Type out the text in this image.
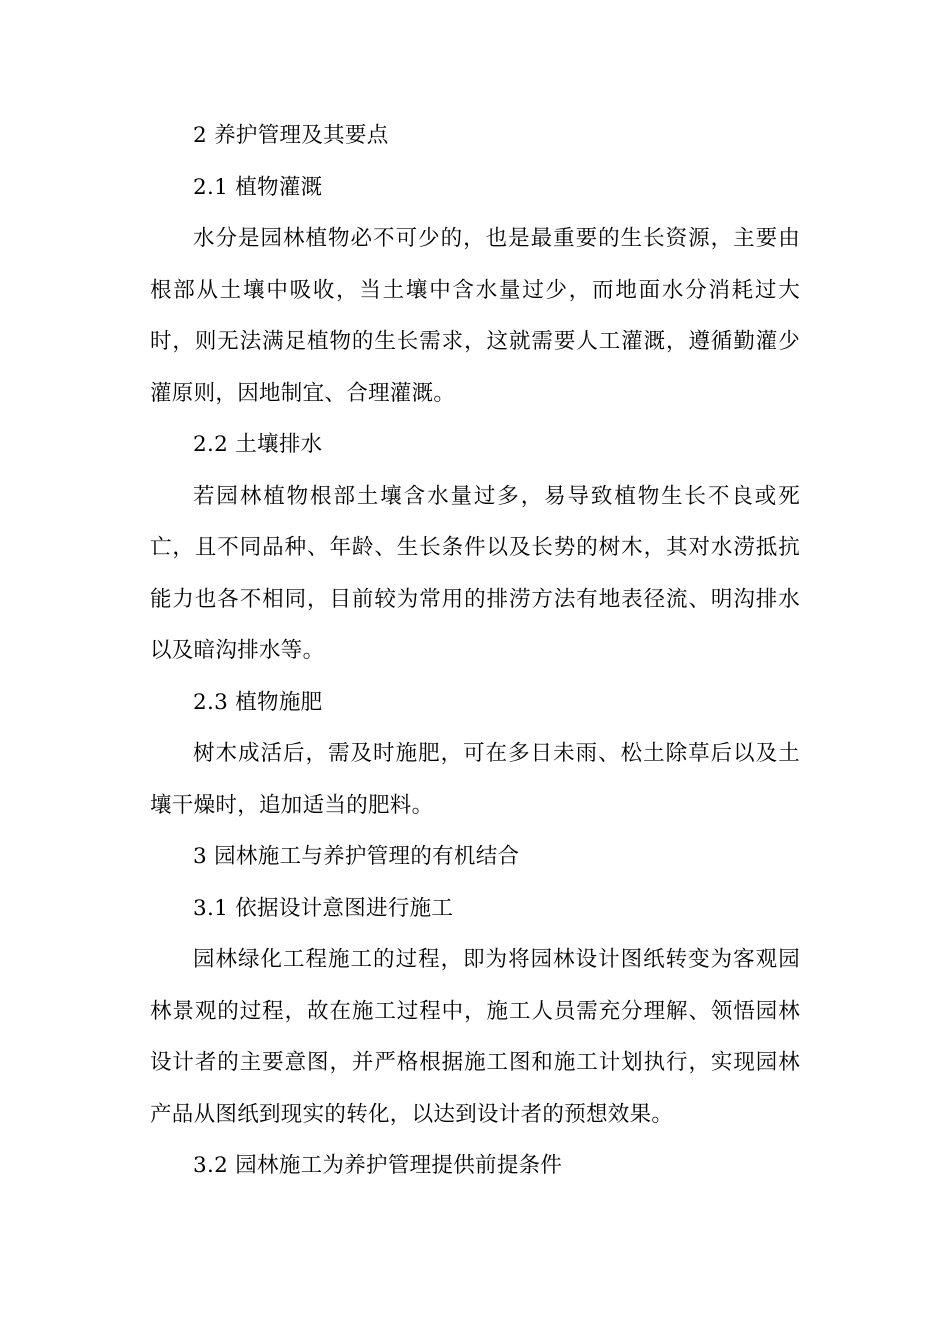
2 养护管理及其要点

2.1 植物灌溉

水分是园林植物必不可少的，也是最重要的生长资源，主要由根部从土壤中吸收，当土壤中含水量过少，而地面水分消耗过大时，则无法满足植物的生长需求，这就需要人工灌溉，遵循勤灌少灌原则，因地制宜、合理灌溉。

2.2 土壤排水

若园林植物根部土壤含水量过多，易导致植物生长不良或死亡，且不同品种、年龄、生长条件以及长势的树木，其对水涝抵抗能力也各不相同，目前较为常用的排涝方法有地表径流、明沟排水以及暗沟排水等。

2.3 植物施肥

树木成活后，需及时施肥，可在多日未雨、松土除草后以及土壤干燥时，追加适当的肥料。

3 园林施工与养护管理的有机结合

3.1 依据设计意图进行施工

园林绿化工程施工的过程，即为将园林设计图纸转变为客观园林景观的过程，故在施工过程中，施工人员需充分理解、领悟园林设计者的主要意图，并严格根据施工图和施工计划执行，实现园林产品从图纸到现实的转化，以达到设计者的预想效果。

3.2 园林施工为养护管理提供前提条件
